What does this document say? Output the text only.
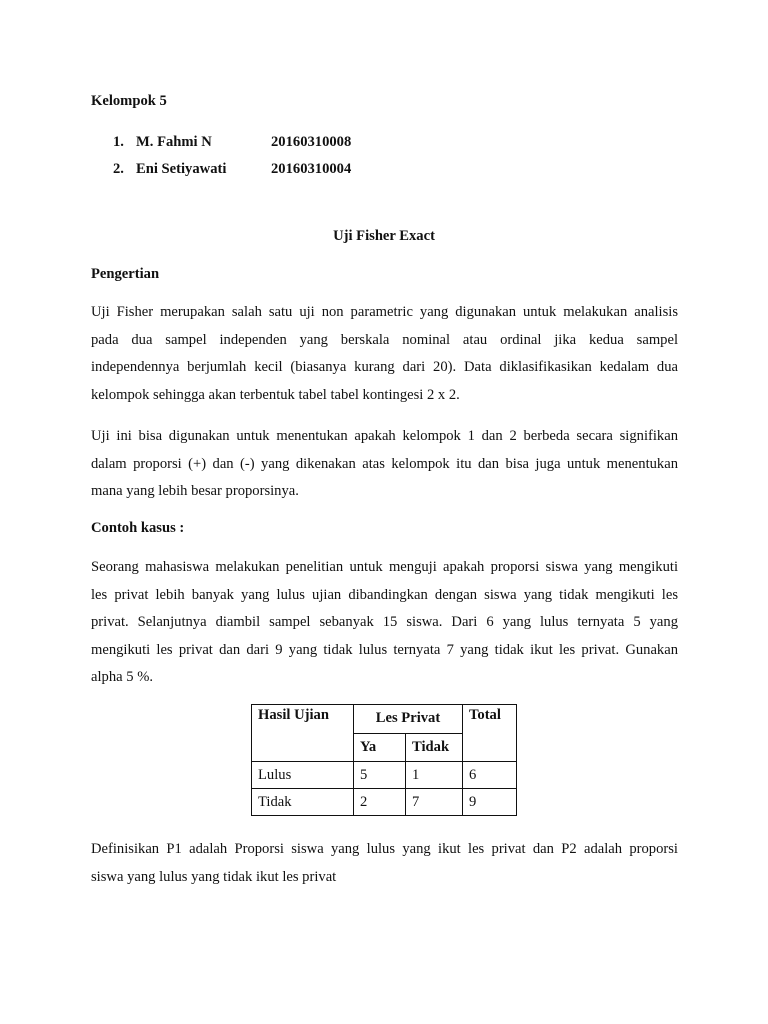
Kelompok 5
1. M. Fahmi N	20160310008
2. Eni Setiyawati	20160310004
Uji Fisher Exact
Pengertian
Uji Fisher merupakan salah satu uji non parametric yang digunakan untuk melakukan analisis
pada dua sampel independen yang berskala nominal atau ordinal jika kedua sampel
independennya berjumlah kecil (biasanya kurang dari 20). Data diklasifikasikan kedalam dua
kelompok sehingga akan terbentuk tabel tabel kontingesi 2 x 2.
Uji ini bisa digunakan untuk menentukan apakah kelompok 1 dan 2 berbeda secara signifikan
dalam proporsi (+) dan (-) yang dikenakan atas kelompok itu dan bisa juga untuk menentukan
mana yang lebih besar proporsinya.
Contoh kasus :
Seorang mahasiswa melakukan penelitian untuk menguji apakah proporsi siswa yang mengikuti
les privat lebih banyak yang lulus ujian dibandingkan dengan siswa yang tidak mengikuti les
privat. Selanjutnya diambil sampel sebanyak 15 siswa. Dari 6 yang lulus ternyata 5 yang
mengikuti les privat dan dari 9 yang tidak lulus ternyata 7 yang tidak ikut les privat. Gunakan
alpha 5 %.
Hasil Ujian	Les Privat		Total
	Ya	Tidak	
Lulus	5	1	6
Tidak	2	7	9
Definisikan P1 adalah Proporsi siswa yang lulus yang ikut les privat dan P2 adalah proporsi
siswa yang lulus yang tidak ikut les privat
